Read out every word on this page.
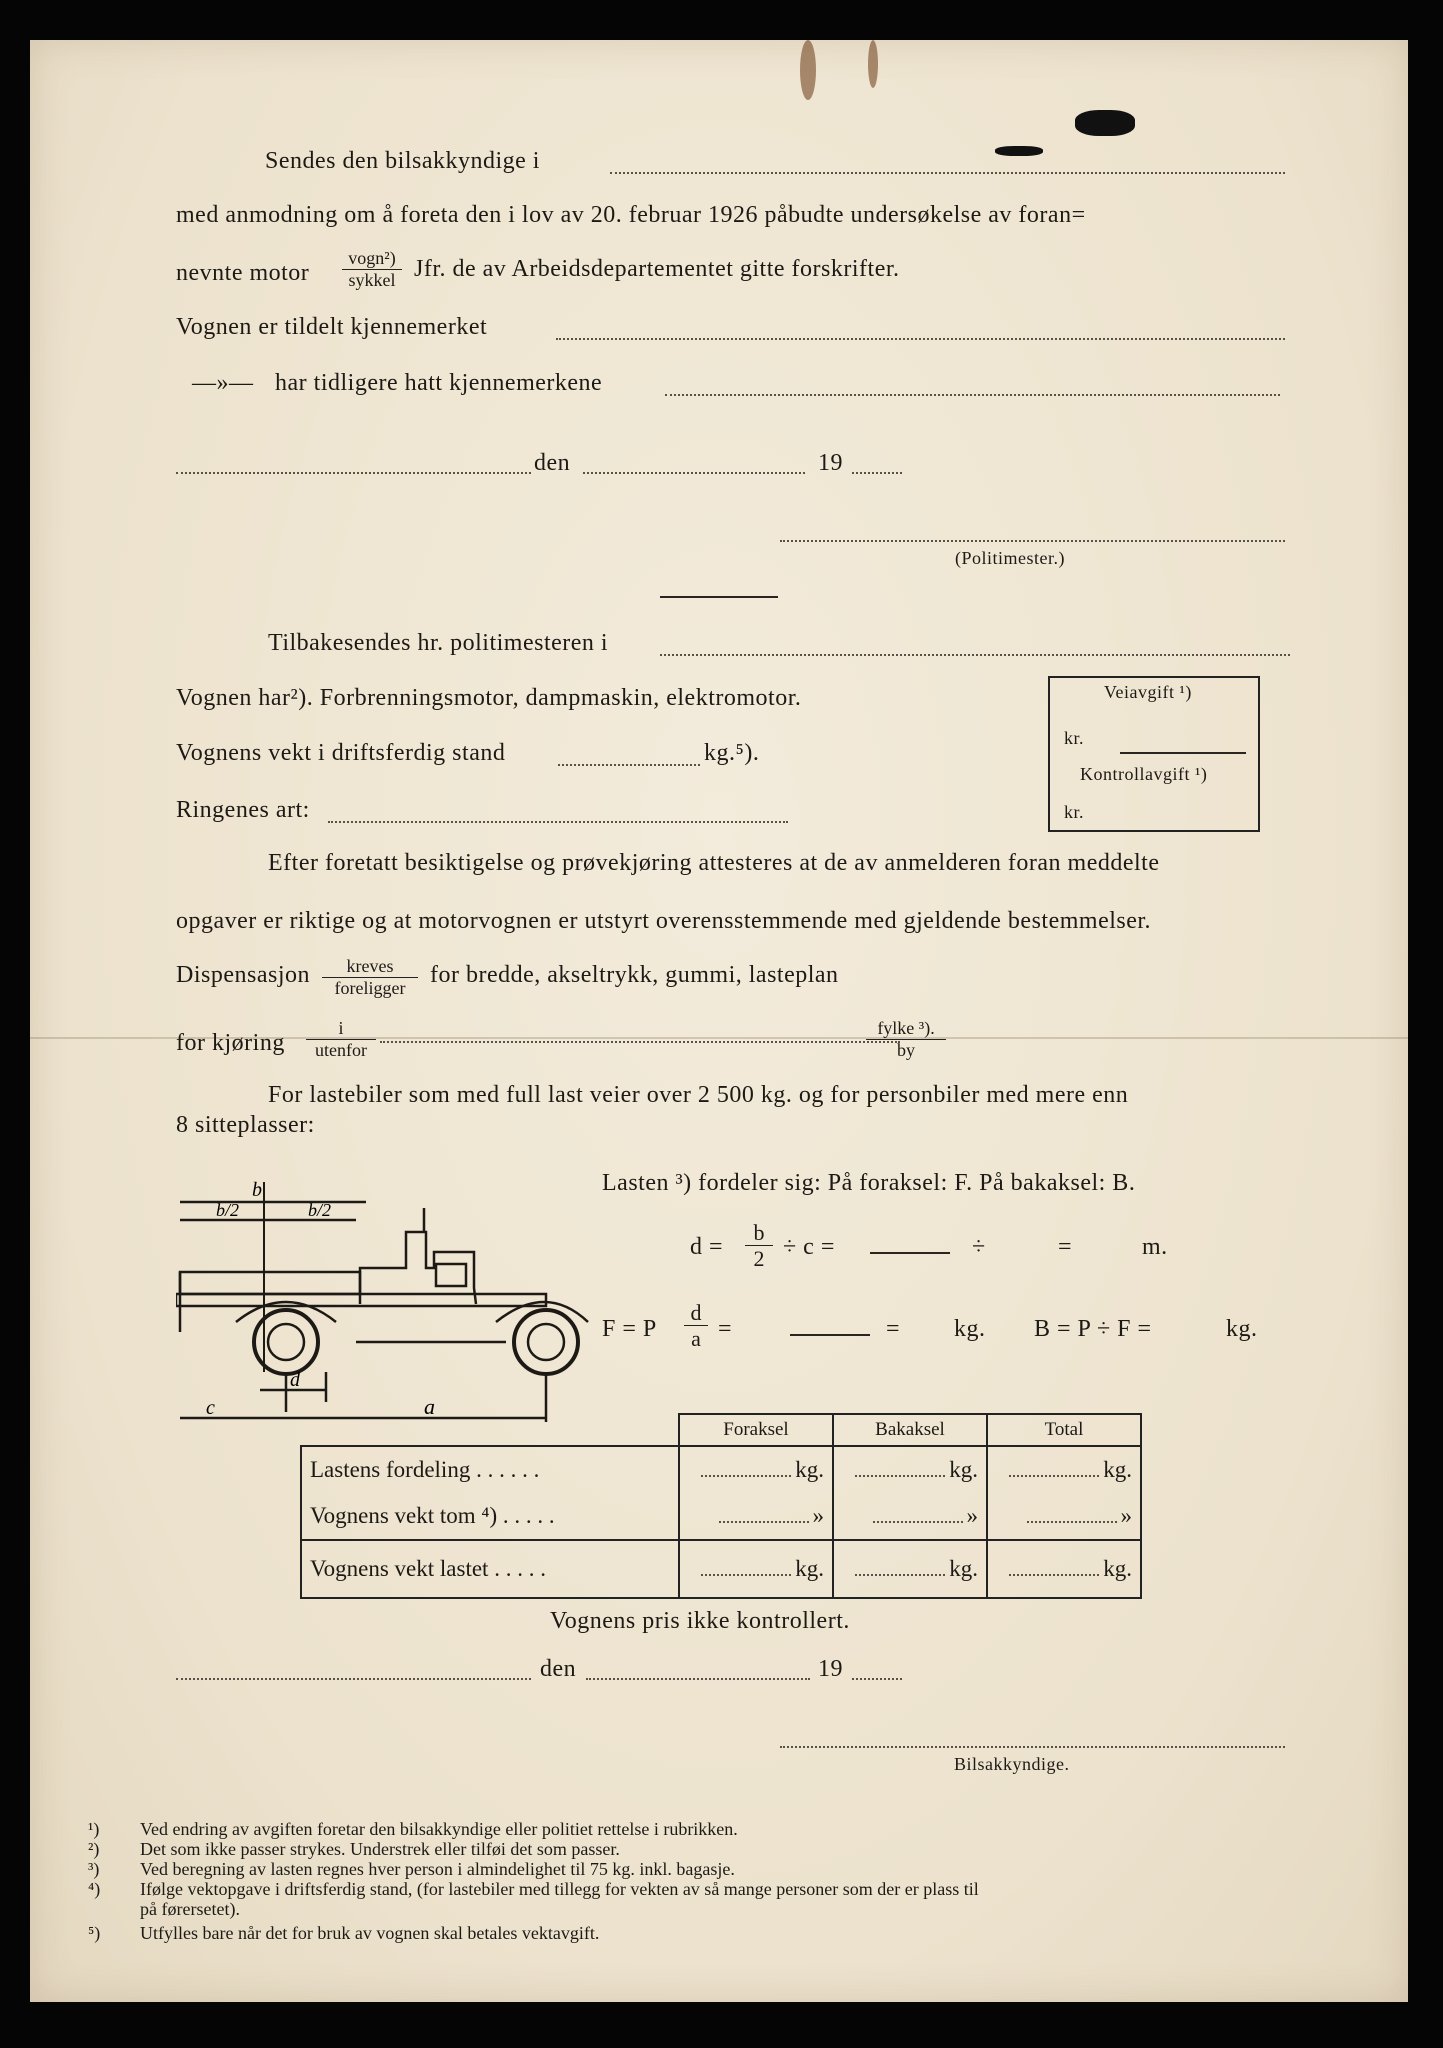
Sendes den bilsakkyndige i
med anmodning om å foreta den i lov av 20. februar 1926 påbudte undersøkelse av foran=
nevnte motor
vogn²)
sykkel Jfr. de av Arbeidsdepartementet gitte forskrifter.
Vognen er tildelt kjennemerket
—»— har tidligere hatt kjennemerkene
den	19
(Politimester.)
Tilbakesendes hr. politimesteren i
Vognen har²). Forbrenningsmotor, dampmaskin, elektromotor.
Vognens vekt i driftsferdig stand	kg.⁵).
Ringenes art:
Veiavgift ¹)
kr.
Kontrollavgift ¹)
kr.
Efter foretatt besiktigelse og prøvekjøring attesteres at de av anmelderen foran meddelte
opgaver er riktige og at motorvognen er utstyrt overensstemmende med gjeldende bestemmelser.
Dispensasjon	kreves
foreligger	for bredde, akseltrykk, gummi, lasteplan
for kjøring
i
utenfor
fylke ³).
by
For lastebiler som med full last veier over 2 500 kg. og for personbiler med mere enn
8 sitteplasser:
b
b/2	b/2
d
c	a
Lasten ³) fordeler sig: På foraksel: F. På bakaksel: B.
$d = \frac{b}{2} \div c$ =	÷	=	m.
F = P $\frac{d}{a}$ =	= kg. B = P ÷ F =	kg.
	Foraksel	Bakaksel	Total
Lastens fordeling . . . . . .	kg.	kg.	kg.
Vognens vekt tom ⁴) . . . . .	»	»	»
Vognens vekt lastet . . . . .	kg.	kg.	kg.
Vognens pris ikke kontrollert.
den	19
Bilsakkyndige.
¹) Ved endring av avgiften foretar den bilsakkyndige eller politiet rettelse i rubrikken.
²) Det som ikke passer strykes. Understrek eller tilføi det som passer.
³) Ved beregning av lasten regnes hver person i almindelighet til 75 kg. inkl. bagasje.
⁴) Ifølge vektopgave i driftsferdig stand, (for lastebiler med tillegg for vekten av så mange personer som der er plass til
på førersetet).
⁵) Utfylles bare når det for bruk av vognen skal betales vektavgift.
